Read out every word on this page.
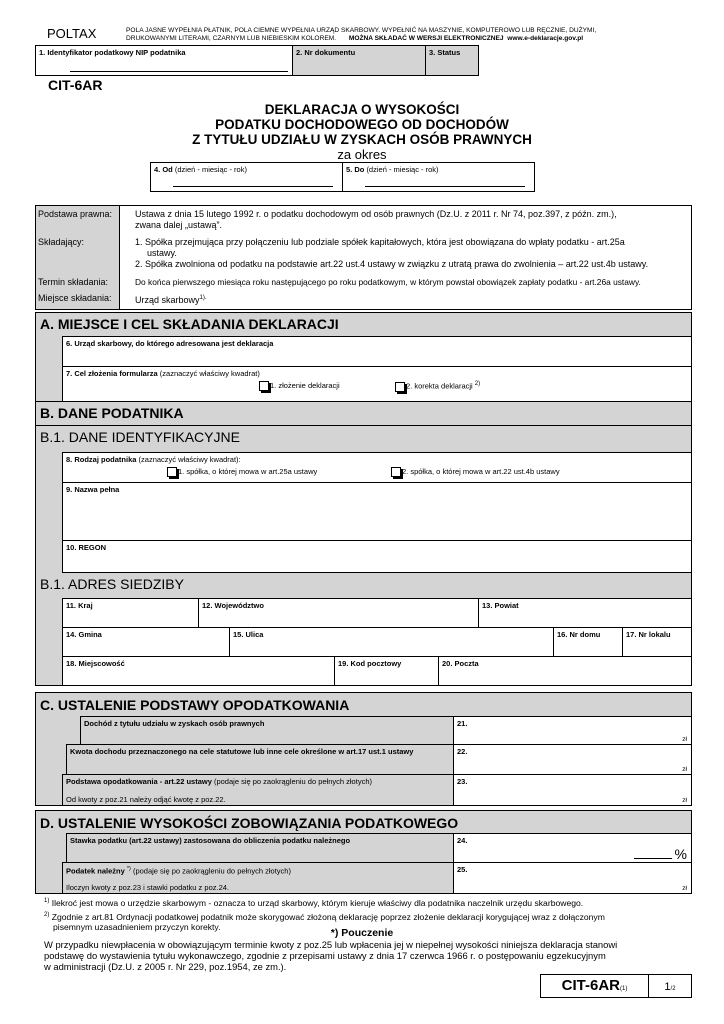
POLTAX	POLA JASNE WYPEŁNIA PŁATNIK, POLA CIEMNE WYPEŁNIA URZĄD SKARBOWY. WYPEŁNIĆ NA MASZYNIE, KOMPUTEROWO LUB RĘCZNIE, DUŻYMI,
DRUKOWANYMI LITERAMI, CZARNYM LUB NIEBIESKIM KOLOREM. MOŻNA SKŁADAĆ W WERSJI ELEKTRONICZNEJ www.e-deklaracje.gov.pl
1. Identyfikator podatkowy NIP podatnika	2. Nr dokumentu	3. Status
CIT-6AR
DEKLARACJA O WYSOKOŚCI
PODATKU DOCHODOWEGO OD DOCHODÓW
Z TYTUŁU UDZIAŁU W ZYSKACH OSÓB PRAWNYCH
za okres
4. Od (dzień - miesiąc - rok)	5. Do (dzień - miesiąc - rok)
Podstawa prawna:	Ustawa z dnia 15 lutego 1992 r. o podatku dochodowym od osób prawnych (Dz.U. z 2011 r. Nr 74, poz.397, z późn. zm.),
zwana dalej „ustawą”.
Składający:	1. Spółka przejmująca przy połączeniu lub podziale spółek kapitałowych, która jest obowiązana do wpłaty podatku - art.25a
ustawy.
2. Spółka zwolniona od podatku na podstawie art.22 ust.4 ustawy w związku z utratą prawa do zwolnienia – art.22 ust.4b ustawy.
Termin składania:	Do końca pierwszego miesiąca roku następującego po roku podatkowym, w którym powstał obowiązek zapłaty podatku - art.26a ustawy.
Miejsce składania:	Urząd skarbowy$^{1).}$
A. MIEJSCE I CEL SKŁADANIA DEKLARACJI
6. Urząd skarbowy, do którego adresowana jest deklaracja
7. Cel złożenia formularza (zaznaczyć właściwy kwadrat)
1. złożenie deklaracji	2. korekta deklaracji $^{2)}$
B. DANE PODATNIKA
B.1. DANE IDENTYFIKACYJNE
8. Rodzaj podatnika (zaznaczyć właściwy kwadrat):
1. spółka, o której mowa w art.25a ustawy	2. spółka, o której mowa w art.22 ust.4b ustawy
9. Nazwa pełna
10. REGON
B.1. ADRES SIEDZIBY
11. Kraj	12. Województwo	13. Powiat
14. Gmina	15. Ulica	16. Nr domu	17. Nr lokalu
18. Miejscowość	19. Kod pocztowy	20. Poczta
C. USTALENIE PODSTAWY OPODATKOWANIA
Dochód z tytułu udziału w zyskach osób prawnych	21.
zł
Kwota dochodu przeznaczonego na cele statutowe lub inne cele określone w art.17 ust.1 ustawy	22.
zł
Podstawa opodatkowania - art.22 ustawy (podaje się po zaokrągleniu do pełnych złotych)
Od kwoty z poz.21 należy odjąć kwotę z poz.22.
23.
zł
D. USTALENIE WYSOKOŚCI ZOBOWIĄZANIA PODATKOWEGO
Stawka podatku (art.22 ustawy) zastosowana do obliczenia podatku należnego	24.
%
Podatek należny *) (podaje się po zaokrągleniu do pełnych złotych)
Iloczyn kwoty z poz.23 i stawki podatku z poz.24.
25.
zł
$^{1)}$ Ilekroć jest mowa o urzędzie skarbowym - oznacza to urząd skarbowy, którym kieruje właściwy dla podatnika naczelnik urzędu skarbowego.
$^{2)}$ Zgodnie z art.81 Ordynacji podatkowej podatnik może skorygować złożoną deklarację poprzez złożenie deklaracji korygującej wraz z dołączonym
pisemnym uzasadnieniem przyczyn korekty.
*) Pouczenie
W przypadku niewpłacenia w obowiązującym terminie kwoty z poz.25 lub wpłacenia jej w niepełnej wysokości niniejsza deklaracja stanowi
podstawę do wystawienia tytułu wykonawczego, zgodnie z przepisami ustawy z dnia 17 czerwca 1966 r. o postępowaniu egzekucyjnym
w administracji (Dz.U. z 2005 r. Nr 229, poz.1954, ze zm.).
CIT-6AR(1)	1/2
